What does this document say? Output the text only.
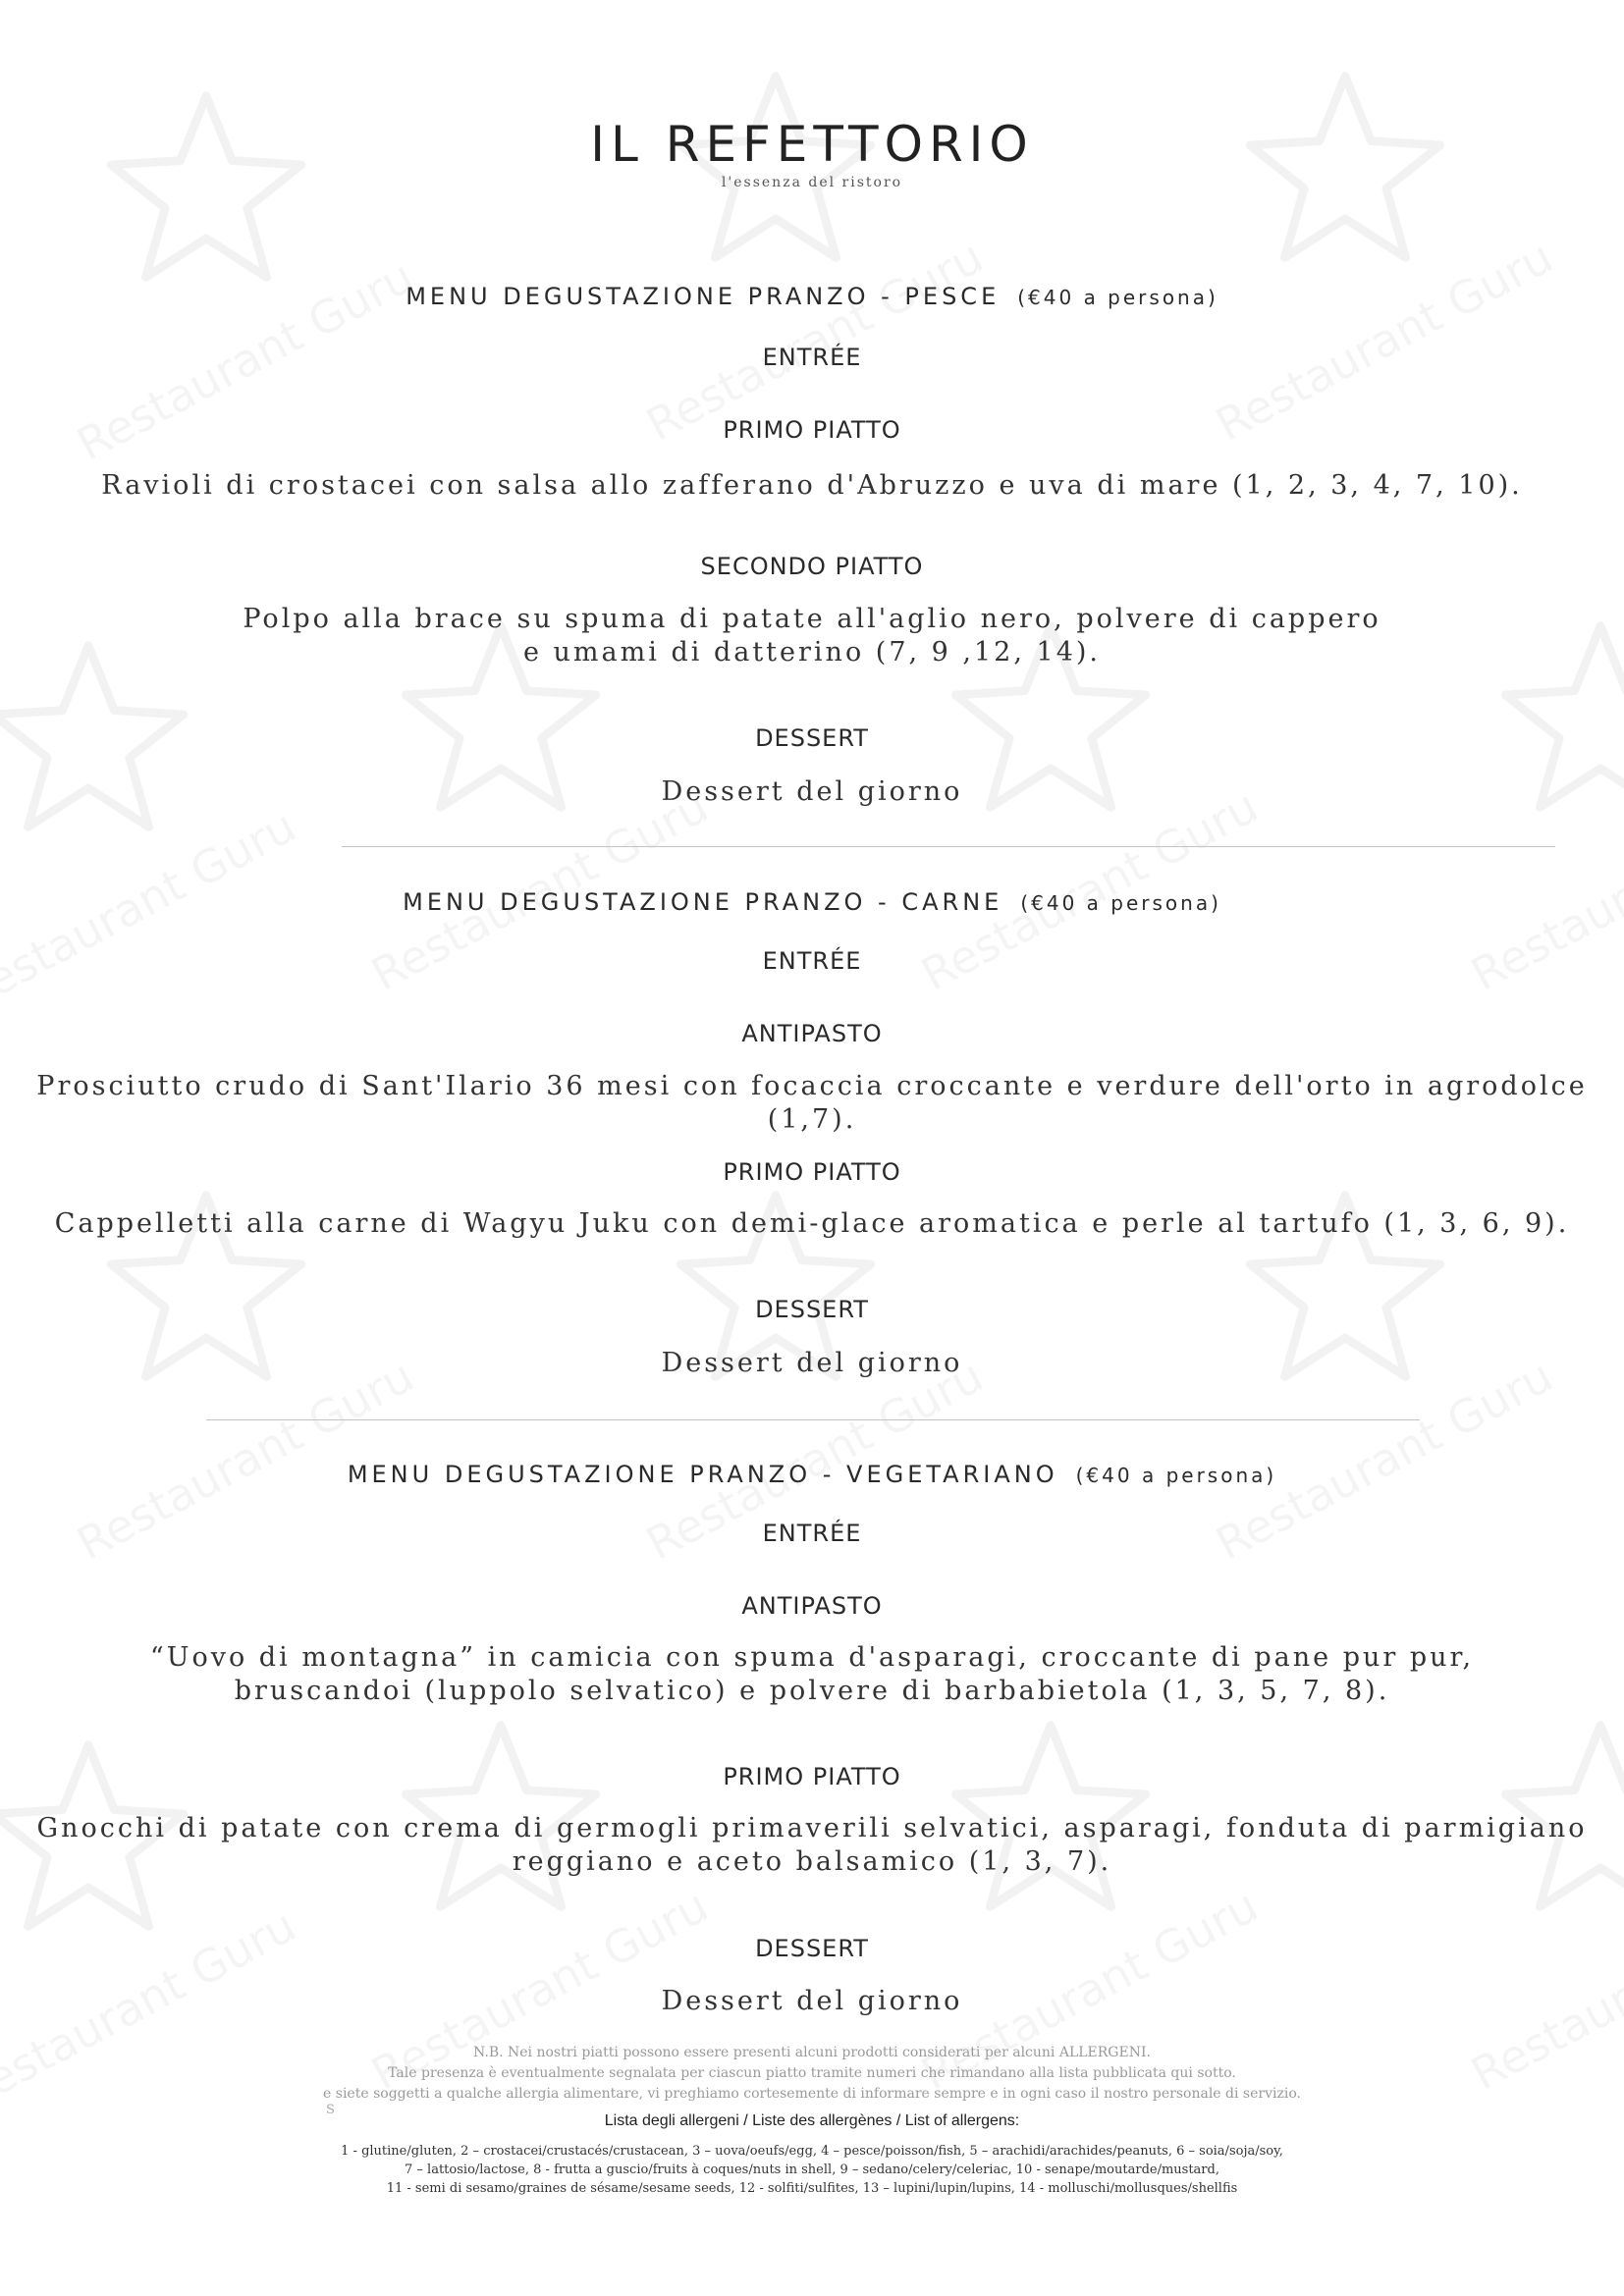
IL REFETTORIO
l'essenza del ristoro
MENU DEGUSTAZIONE PRANZO - PESCE (€40 a persona)
ENTRÉE
PRIMO PIATTO
Ravioli di crostacei con salsa allo zafferano d'Abruzzo e uva di mare (1, 2, 3, 4, 7, 10).
SECONDO PIATTO
Polpo alla brace su spuma di patate all'aglio nero, polvere di cappero
e umami di datterino (7, 9 ,12, 14).
DESSERT
Dessert del giorno
MENU DEGUSTAZIONE PRANZO - CARNE (€40 a persona)
ENTRÉE
ANTIPASTO
Prosciutto crudo di Sant'Ilario 36 mesi con focaccia croccante e verdure dell'orto in agrodolce (1,7).
PRIMO PIATTO
Cappelletti alla carne di Wagyu Juku con demi-glace aromatica e perle al tartufo (1, 3, 6, 9).
DESSERT
Dessert del giorno
MENU DEGUSTAZIONE PRANZO - VEGETARIANO (€40 a persona)
ENTRÉE
ANTIPASTO
“Uovo di montagna” in camicia con spuma d'asparagi, croccante di pane pur pur,
bruscandoi (luppolo selvatico) e polvere di barbabietola (1, 3, 5, 7, 8).
PRIMO PIATTO
Gnocchi di patate con crema di germogli primaverili selvatici, asparagi, fonduta di parmigiano
reggiano e aceto balsamico (1, 3, 7).
DESSERT
Dessert del giorno
N.B. Nei nostri piatti possono essere presenti alcuni prodotti considerati per alcuni ALLERGENI.
Tale presenza è eventualmente segnalata per ciascun piatto tramite numeri che rimandano alla lista pubblicata qui sotto.
e siete soggetti a qualche allergia alimentare, vi preghiamo cortesemente di informare sempre e in ogni caso il nostro personale di servizio.
S
Lista degli allergeni / Liste des allergènes / List of allergens:
1 - glutine/gluten, 2 – crostacei/crustacés/crustacean, 3 – uova/oeufs/egg, 4 – pesce/poisson/fish, 5 – arachidi/arachides/peanuts, 6 – soia/soja/soy,
7 – lattosio/lactose, 8 - frutta a guscio/fruits à coques/nuts in shell, 9 – sedano/celery/celeriac, 10 - senape/moutarde/mustard,
11 - semi di sesamo/graines de sésame/sesame seeds, 12 - solfiti/sulfites, 13 – lupini/lupin/lupins, 14 - molluschi/mollusques/shellfis
